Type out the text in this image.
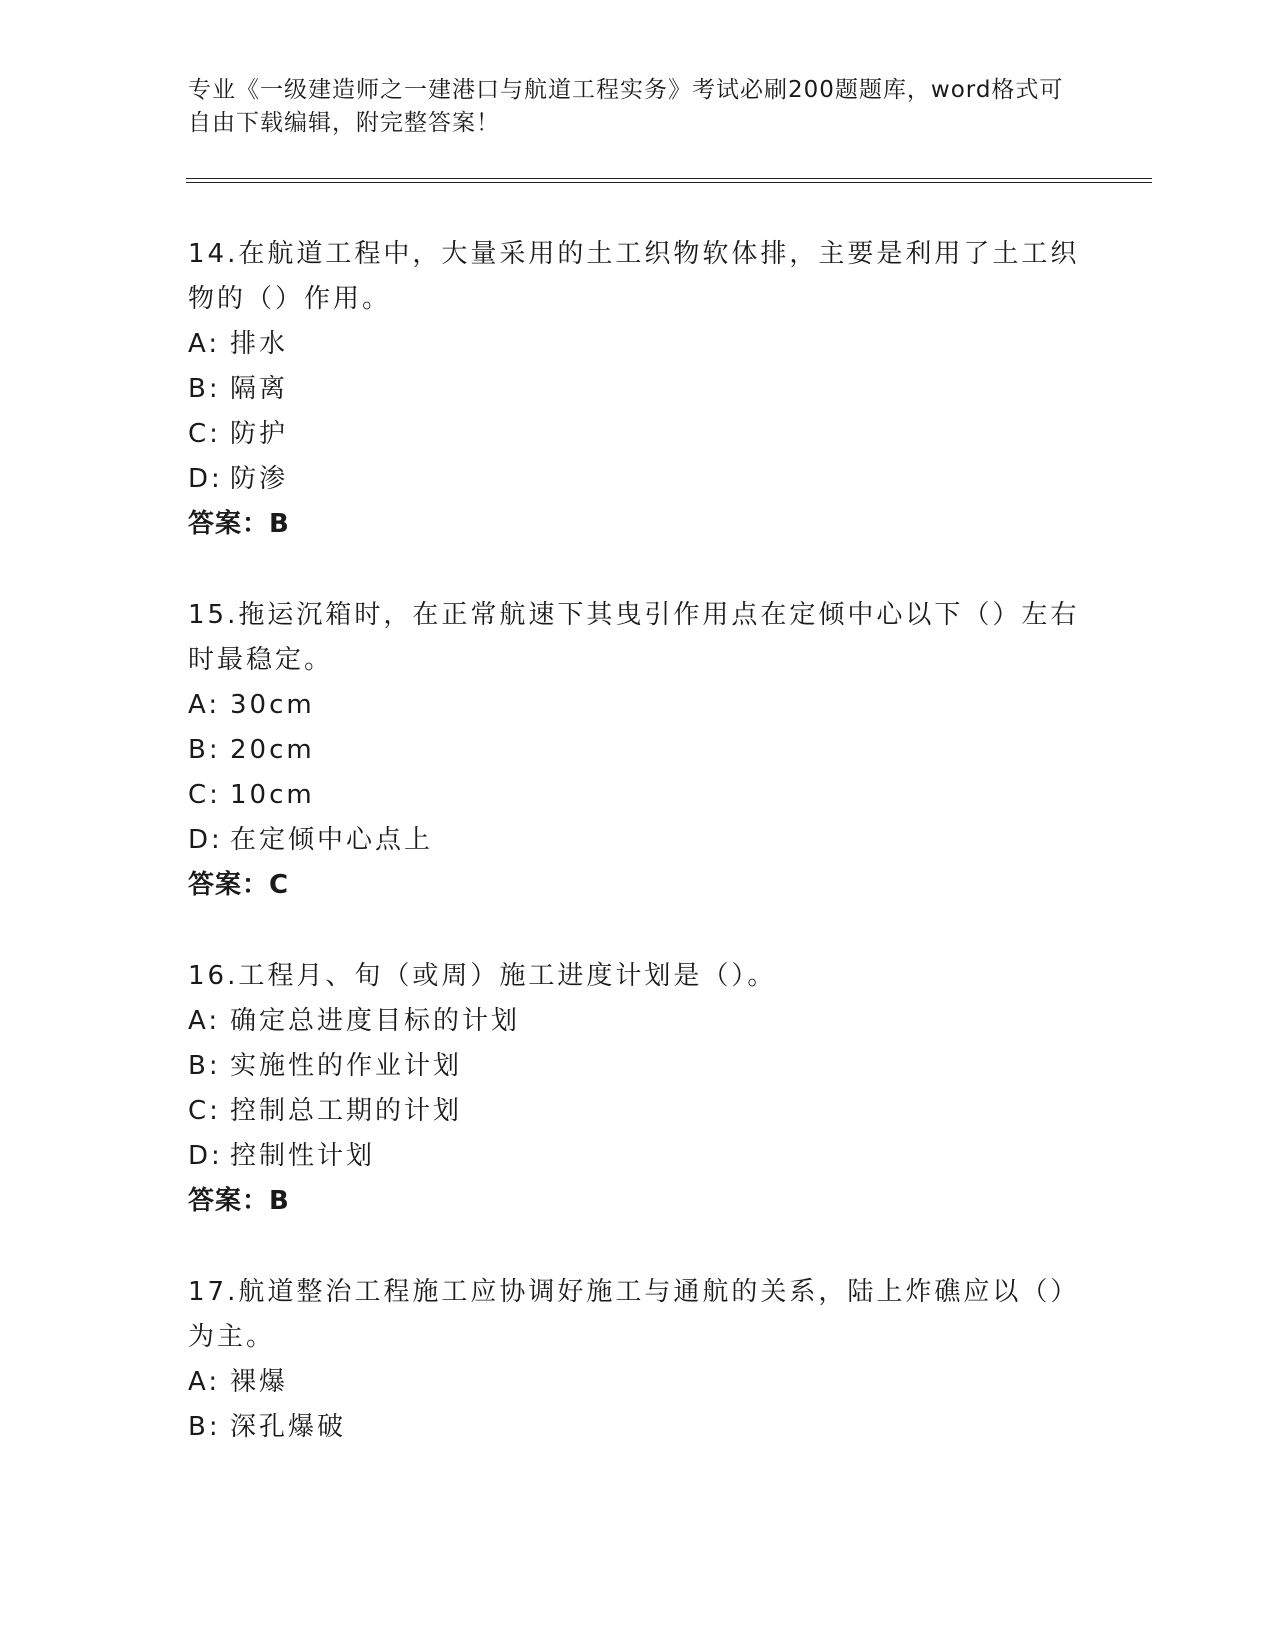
专业《一级建造师之一建港口与航道工程实务》考试必刷200题题库，word格式可自由下载编辑，附完整答案！

14.在航道工程中，大量采用的土工织物软体排，主要是利用了土工织物的（）作用。

A: 排水

B: 隔离

C: 防护

D: 防渗

答案：B

15.拖运沉箱时，在正常航速下其曳引作用点在定倾中心以下（）左右时最稳定。

A: 30cm

B: 20cm

C: 10cm

D: 在定倾中心点上

答案：C

16.工程月、旬（或周）施工进度计划是（）。

A: 确定总进度目标的计划

B: 实施性的作业计划

C: 控制总工期的计划

D: 控制性计划

答案：B

17.航道整治工程施工应协调好施工与通航的关系，陆上炸礁应以（）为主。

A: 裸爆

B: 深孔爆破
